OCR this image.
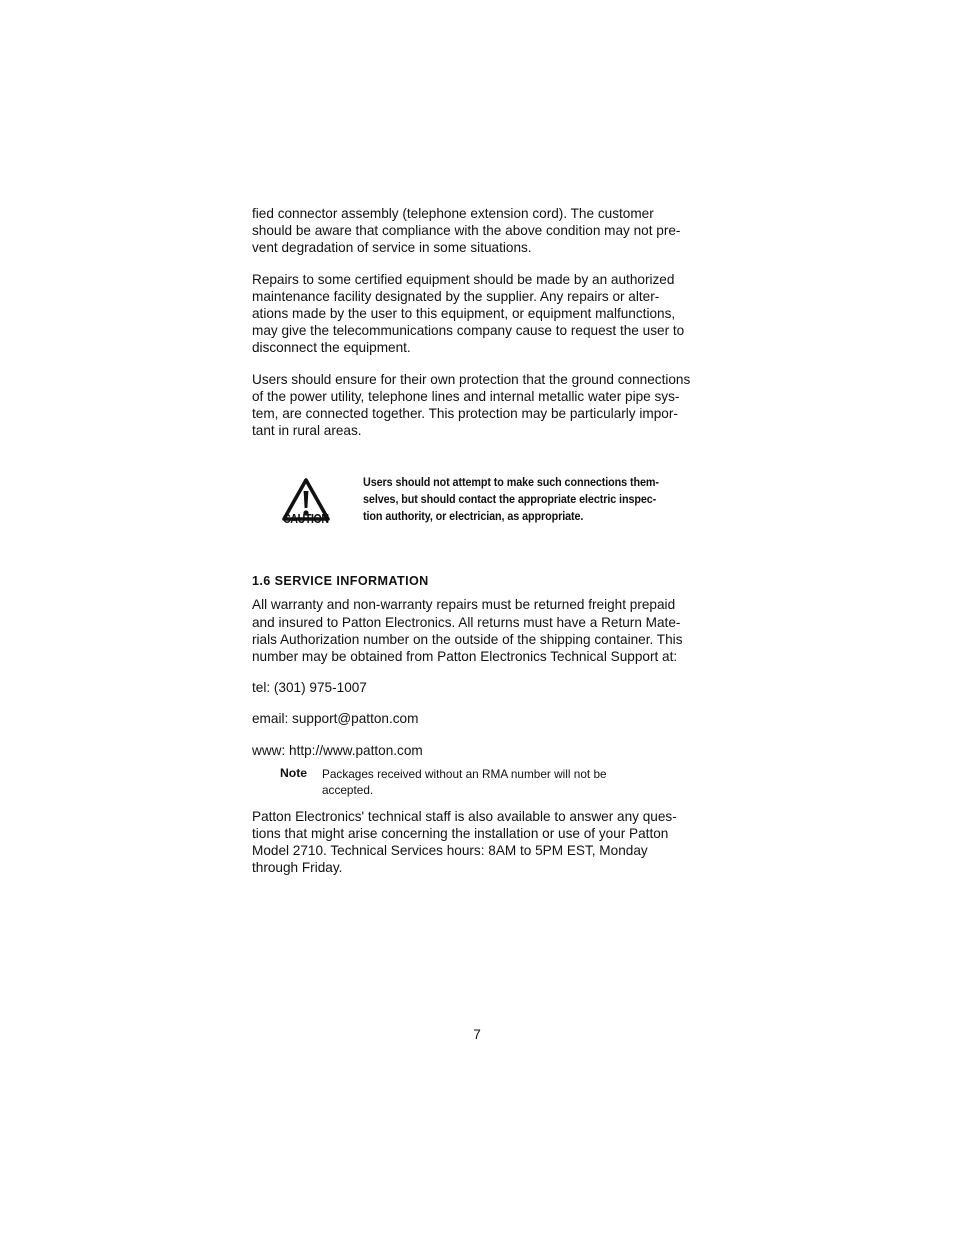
fied connector assembly (telephone extension cord). The customer
should be aware that compliance with the above condition may not pre-
vent degradation of service in some situations.

Repairs to some certified equipment should be made by an authorized
maintenance facility designated by the supplier. Any repairs or alter-
ations made by the user to this equipment, or equipment malfunctions,
may give the telecommunications company cause to request the user to
disconnect the equipment.

Users should ensure for their own protection that the ground connections
of the power utility, telephone lines and internal metallic water pipe sys-
tem, are connected together. This protection may be particularly impor-
tant in rural areas.

CAUTION
Users should not attempt to make such connections them-
selves, but should contact the appropriate electric inspec-
tion authority, or electrician, as appropriate.
1.6 SERVICE INFORMATION

All warranty and non-warranty repairs must be returned freight prepaid
and insured to Patton Electronics. All returns must have a Return Mate-
rials Authorization number on the outside of the shipping container. This
number may be obtained from Patton Electronics Technical Support at:

tel: (301) 975-1007

email: support@patton.com

www: http://www.patton.com

Note Packages received without an RMA number will not be
accepted.

Patton Electronics' technical staff is also available to answer any ques-
tions that might arise concerning the installation or use of your Patton
Model 2710. Technical Services hours: 8AM to 5PM EST, Monday
through Friday.

7
